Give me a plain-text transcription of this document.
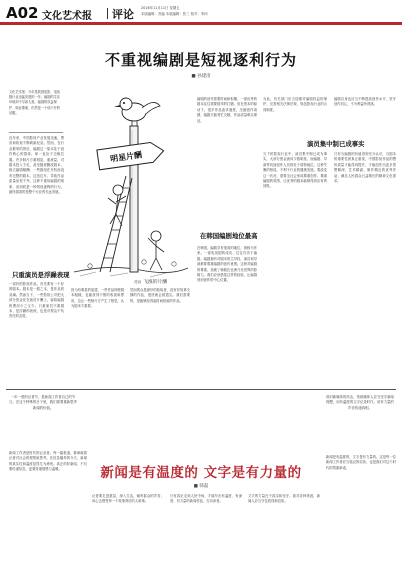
A02 文化艺术报 评论 2016年11月11日 星期五
本版编辑：责编 本版编辑：张三 校对：李四
不重视编剧是短视逐利行为
■ 孙建清
文化艺术报：今年是我国电影、电视剧行业迅猛发展的一年，编剧的生存环境却不尽如人意。编剧的权益保护、职业尊重，仍然是一个绕不开的话题。
近年来，中国影视产业发展迅速，票房和收视不断刷新纪录。然而，在行业繁荣的背后，编剧这一原本处于创作核心的群体，却一直处于边缘位置。许多制片方重明星、重流量，对剧本投入不足，甚至随意删改剧本、拖欠编剧稿酬。一些剧组在开机前没有完整的剧本，边拍边写，导致作品质量参差不齐。这种不重视编剧的现象，说到底是一种短视逐利的行为，最终损害的是整个行业的长远发展。
只重演员是浮躁表现
一部好的影视作品，首先要有一个好的剧本。剧本是一剧之本，是作品的灵魂。然而当下，一些影视公司把大部分资金花在演员片酬上，留给编剧的费用少之又少。只重演员不重剧本，是浮躁的表现，也是对观众不负责任的态度。
因为有明星的加盟，一些作品即使剧本粗糙，也能获得不错的收视和票房，这让一些制片方产生了错觉，认为剧本不重要。
然而观众是最好的检验者，没有好故事支撑的作品，很快就会被遗忘。我们需要的，是能够经得起时间检验的作品。
编剧的创作需要时间和积累，一部优秀的剧本往往需要数年的打磨。但在资本的驱动下，很多作品追求速度，压缩创作周期，编剧只能匆忙交稿，作品质量难以保证。
在韩国编剧地位最高
在韩国，编剧享有很高的地位，被称为作家。一部电视剧的成功，往往归功于编剧。编剧拥有对剧本的主导权，演员和导演都要尊重编剧的创作意图。这种对编剧的尊重，造就了韩剧在亚洲乃至世界的影响力。我们应该借鉴这样的经验，让编剧回到创作的中心位置。
为此，有关部门应当加强对编剧权益的保护，完善相关法律法规，规范影视行业的合同制度。
编剧自身也应当不断提高创作水平，坚守创作初心，不为利益所诱惑。
演员集中制已成事实
当下的影视行业中，演员集中制已成为事实，大部分资金流向少数明星，而编剧、导演等其他创作人员则处于弱势地位。这种失衡的格局，不利于行业的健康发展。要改变这一状况，需要全社会形成尊重创作、尊重编剧的氛围，让优秀的剧本能够得到应有的回报。
只有当编剧的价值得到充分认可，当剧本的重要性被真正重视，中国影视作品的整体质量才能得到提升，才能创作出更多思想精深、艺术精湛、制作精良的优秀作品，满足人民群众日益增长的精神文化需求。
明星片酬
漫画 飞涨的片酬
一年一度的记者节，是新闻工作者自己的节日。在这个特殊的日子里，我们需要重新思考新闻的价值。
面对新媒体的冲击，传统媒体人应当坚守新闻理想，用有温度的文字记录时代，用有力量的声音传递真相。
新闻是有温度的 文字是有力量的
■ 韩磊
新闻工作者是时代的记录者。每一篇报道，都承载着记者对社会的观察和思考。在信息爆炸的今天，新闻的真实性和温度显得尤为珍贵。真正的好新闻，不仅要传递信息，更要传递情感与温暖。
记者要走进基层，深入生活，倾听群众的声音，用心去感受每一个故事背后的人和事。
只有真正走到人民中间，才能写出有温度、有深度、有力量的新闻作品，打动读者。
文字的力量在于真实和坚守。面对各种诱惑，新闻人应当守住底线和良知。
新闻是有温度的，文字是有力量的。这是每一位新闻工作者应当铭记的信条，也是我们对这个时代的郑重承诺。
